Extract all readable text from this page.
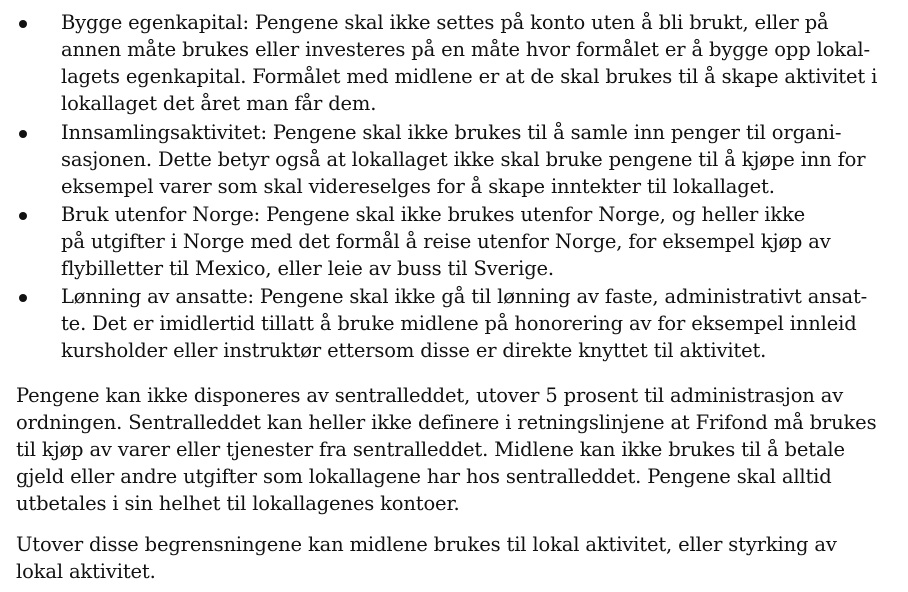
Bygge egenkapital: Pengene skal ikke settes på konto uten å bli brukt, eller på
annen måte brukes eller investeres på en måte hvor formålet er å bygge opp lokal-
lagets egenkapital. Formålet med midlene er at de skal brukes til å skape aktivitet i
lokallaget det året man får dem.
Innsamlingsaktivitet: Pengene skal ikke brukes til å samle inn penger til organi-
sasjonen. Dette betyr også at lokallaget ikke skal bruke pengene til å kjøpe inn for
eksempel varer som skal videreselges for å skape inntekter til lokallaget.
Bruk utenfor Norge: Pengene skal ikke brukes utenfor Norge, og heller ikke
på utgifter i Norge med det formål å reise utenfor Norge, for eksempel kjøp av
flybilletter til Mexico, eller leie av buss til Sverige.
Lønning av ansatte: Pengene skal ikke gå til lønning av faste, administrativt ansat-
te. Det er imidlertid tillatt å bruke midlene på honorering av for eksempel innleid
kursholder eller instruktør ettersom disse er direkte knyttet til aktivitet.
Pengene kan ikke disponeres av sentralleddet, utover 5 prosent til administrasjon av
ordningen. Sentralleddet kan heller ikke definere i retningslinjene at Frifond må brukes
til kjøp av varer eller tjenester fra sentralleddet. Midlene kan ikke brukes til å betale
gjeld eller andre utgifter som lokallagene har hos sentralleddet. Pengene skal alltid
utbetales i sin helhet til lokallagenes kontoer.
Utover disse begrensningene kan midlene brukes til lokal aktivitet, eller styrking av
lokal aktivitet.
